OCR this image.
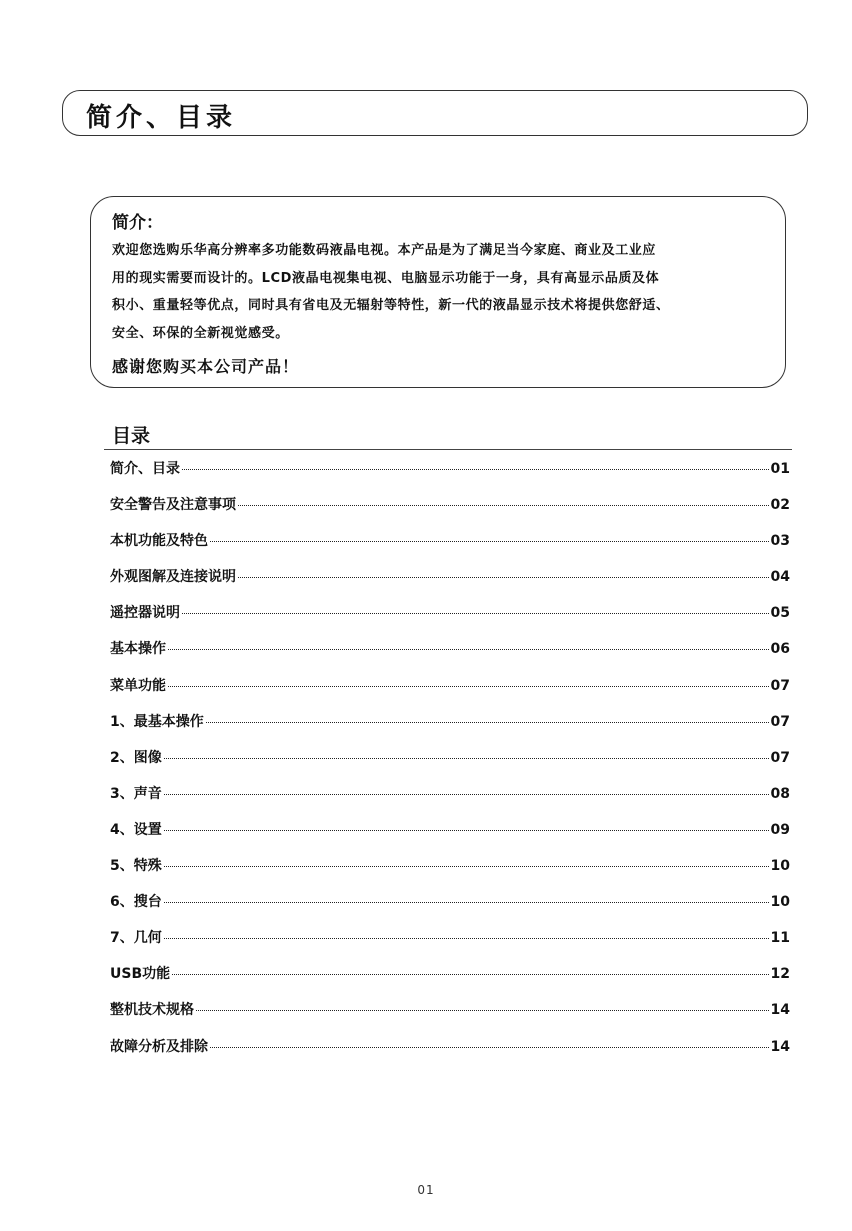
简介、目录
简介：
欢迎您选购乐华高分辨率多功能数码液晶电视。本产品是为了满足当今家庭、商业及工业应
用的现实需要而设计的。LCD液晶电视集电视、电脑显示功能于一身，具有高显示品质及体
积小、重量轻等优点，同时具有省电及无辐射等特性，新一代的液晶显示技术将提供您舒适、
安全、环保的全新视觉感受。
感谢您购买本公司产品！
目录
简介、目录	01
安全警告及注意事项	02
本机功能及特色	03
外观图解及连接说明	04
遥控器说明	05
基本操作	06
菜单功能	07
1、最基本操作	07
2、图像	07
3、声音	08
4、设置	09
5、特殊	10
6、搜台	10
7、几何	11
USB功能	12
整机技术规格	14
故障分析及排除	14
01
